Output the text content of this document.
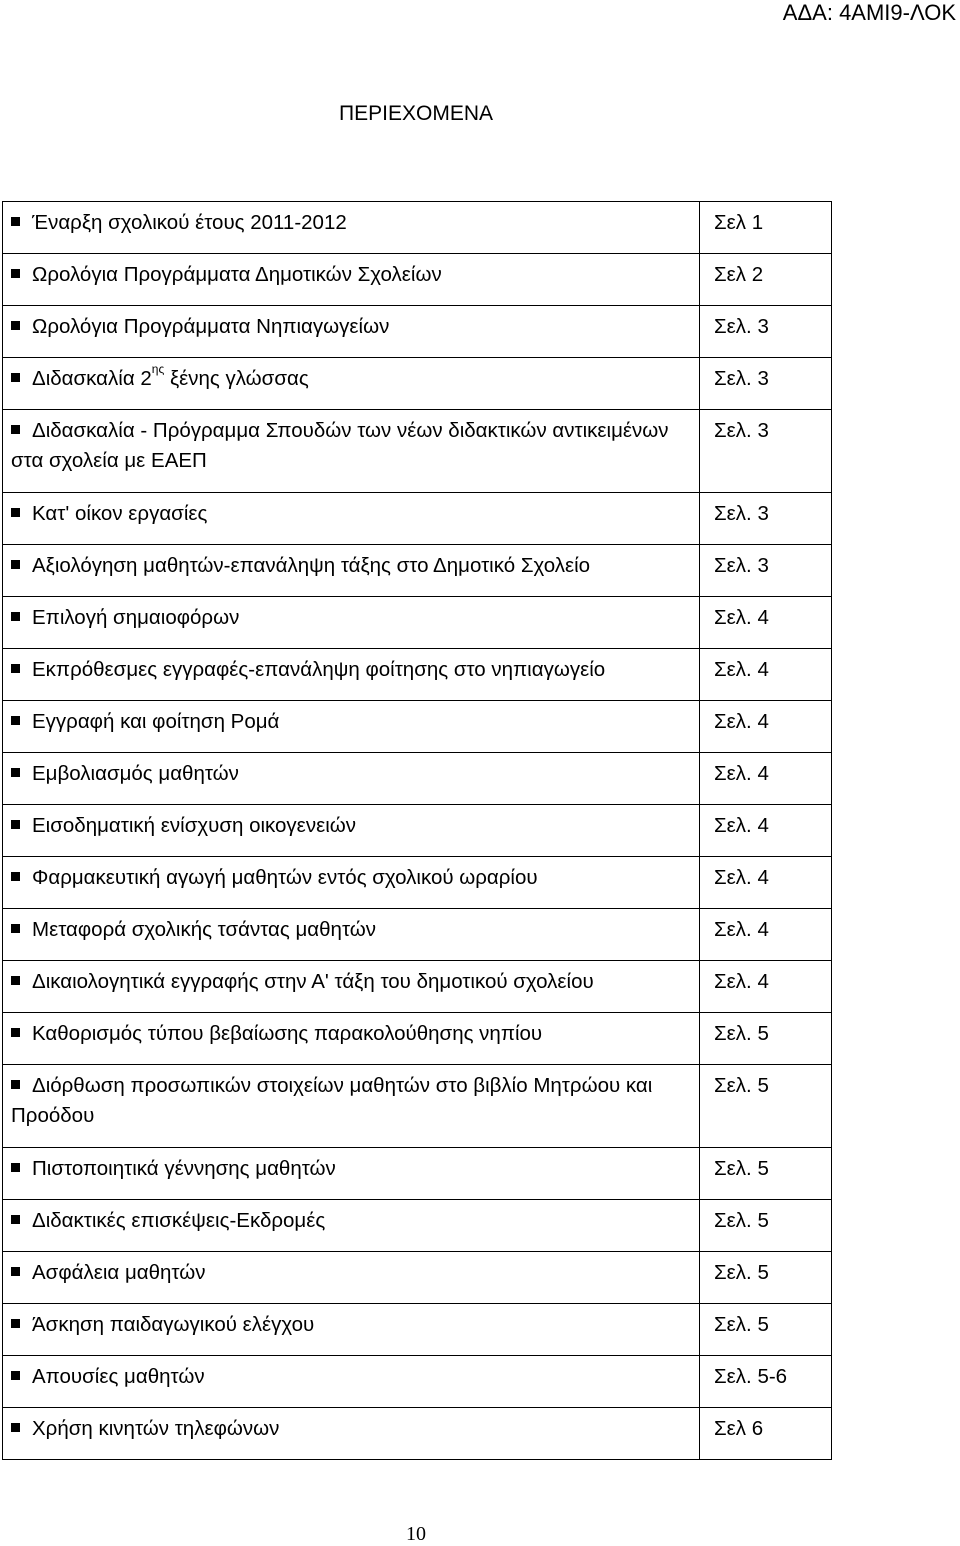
ΑΔΑ: 4ΑΜΙ9-ΛΟΚ
ΠΕΡΙΕΧΟΜΕΝΑ
Έναρξη σχολικού έτους 2011-2012	Σελ 1
Ωρολόγια Προγράμματα Δημοτικών Σχολείων	Σελ 2
Ωρολόγια Προγράμματα Νηπιαγωγείων	Σελ. 3
Διδασκαλία $2^{\eta\varsigma}$ ξένης γλώσσας	Σελ. 3
Διδασκαλία - Πρόγραμμα Σπουδών των νέων διδακτικών αντικειμένων στα σχολεία με ΕΑΕΠ	Σελ. 3
Κατ' οίκον εργασίες	Σελ. 3
Αξιολόγηση μαθητών-επανάληψη τάξης στο Δημοτικό Σχολείο	Σελ. 3
Επιλογή σημαιοφόρων	Σελ. 4
Εκπρόθεσμες εγγραφές-επανάληψη φοίτησης στο νηπιαγωγείο	Σελ. 4
Εγγραφή και φοίτηση Ρομά	Σελ. 4
Εμβολιασμός μαθητών	Σελ. 4
Εισοδηματική ενίσχυση οικογενειών	Σελ. 4
Φαρμακευτική αγωγή μαθητών εντός σχολικού ωραρίου	Σελ. 4
Μεταφορά σχολικής τσάντας μαθητών	Σελ. 4
Δικαιολογητικά εγγραφής στην Α' τάξη του δημοτικού σχολείου	Σελ. 4
Καθορισμός τύπου βεβαίωσης παρακολούθησης νηπίου	Σελ. 5
Διόρθωση προσωπικών στοιχείων μαθητών στο βιβλίο Μητρώου και Προόδου	Σελ. 5
Πιστοποιητικά γέννησης μαθητών	Σελ. 5
Διδακτικές επισκέψεις-Εκδρομές	Σελ. 5
Ασφάλεια μαθητών	Σελ. 5
Άσκηση παιδαγωγικού ελέγχου	Σελ. 5
Απουσίες μαθητών	Σελ. 5-6
Χρήση κινητών τηλεφώνων	Σελ 6
10
